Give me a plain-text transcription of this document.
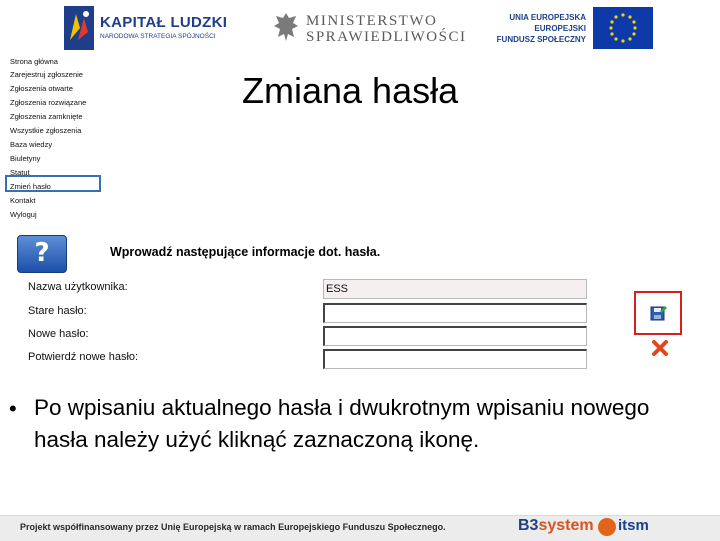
KAPITAŁ LUDZKI
NARODOWA STRATEGIA SPÓJNOŚCI
MINISTERSTWO
SPRAWIEDLIWOŚCI
UNIA EUROPEJSKA
EUROPEJSKI
FUNDUSZ SPOŁECZNY
Strona główna
Zarejestruj zgłoszenie
Zgłoszenia otwarte
Zgłoszenia rozwiązane
Zgłoszenia zamknięte
Wszystkie zgłoszenia
Baza wiedzy
Biuletyny
Statut
Zmień hasło
Kontakt
Wyloguj
Zmiana hasła
?	Wprowadź następujące informacje dot. hasła.
Nazwa użytkownika:	ESS
Stare hasło:
Nowe hasło:
Potwierdź nowe hasło:
• Po wpisaniu aktualnego hasła i dwukrotnym wpisaniu nowego hasła należy użyć kliknąć zaznaczoną ikonę.
Projekt współfinansowany przez Unię Europejską w ramach Europejskiego Funduszu Społecznego.	B3system itsm
